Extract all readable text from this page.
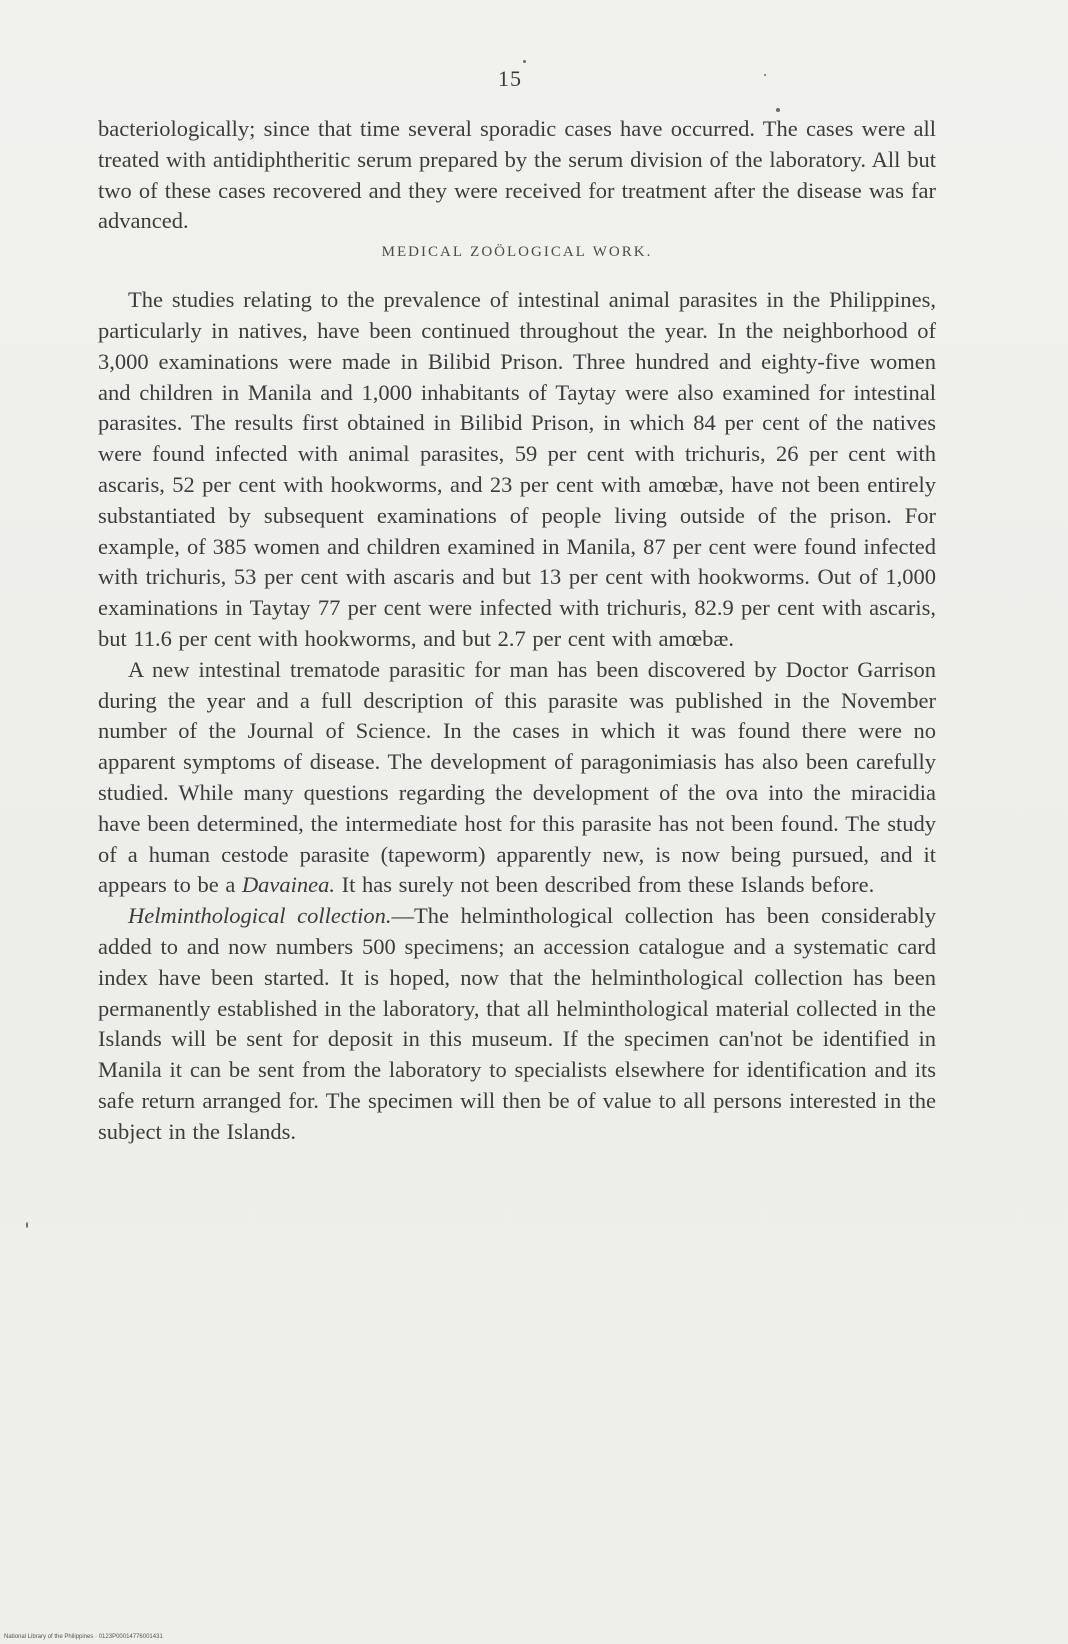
15

bacteriologically; since that time several sporadic cases have occurred. The cases were all treated with antidiphtheritic serum prepared by the serum division of the laboratory. All but two of these cases recovered and they were received for treatment after the disease was far advanced.

MEDICAL ZOÖLOGICAL WORK.

The studies relating to the prevalence of intestinal animal parasites in the Philippines, particularly in natives, have been continued throughout the year. In the neighborhood of 3,000 examinations were made in Bilibid Prison. Three hundred and eighty-five women and children in Manila and 1,000 inhabitants of Taytay were also examined for intestinal parasites. The results first obtained in Bilibid Prison, in which 84 per cent of the natives were found infected with animal parasites, 59 per cent with trichuris, 26 per cent with ascaris, 52 per cent with hookworms, and 23 per cent with amœbæ, have not been entirely substantiated by subsequent examinations of people living outside of the prison. For example, of 385 women and children examined in Manila, 87 per cent were found infected with trichuris, 53 per cent with ascaris and but 13 per cent with hookworms. Out of 1,000 examinations in Taytay 77 per cent were infected with trichuris, 82.9 per cent with ascaris, but 11.6 per cent with hookworms, and but 2.7 per cent with amœbæ.

A new intestinal trematode parasitic for man has been discovered by Doctor Garrison during the year and a full description of this parasite was published in the November number of the Journal of Science. In the cases in which it was found there were no apparent symptoms of disease. The development of paragonimiasis has also been carefully studied. While many questions regarding the development of the ova into the miracidia have been determined, the intermediate host for this parasite has not been found. The study of a human cestode parasite (tapeworm) apparently new, is now being pursued, and it appears to be a Davainea. It has surely not been described from these Islands before.

Helminthological collection.—The helminthological collection has been considerably added to and now numbers 500 specimens; an accession catalogue and a systematic card index have been started. It is hoped, now that the helminthological collection has been permanently established in the laboratory, that all helminthological material collected in the Islands will be sent for deposit in this museum. If the specimen can'not be identified in Manila it can be sent from the laboratory to specialists elsewhere for identification and its safe return arranged for. The specimen will then be of value to all persons interested in the subject in the Islands.

National Library of the Philippines · 0123P00014776001431
